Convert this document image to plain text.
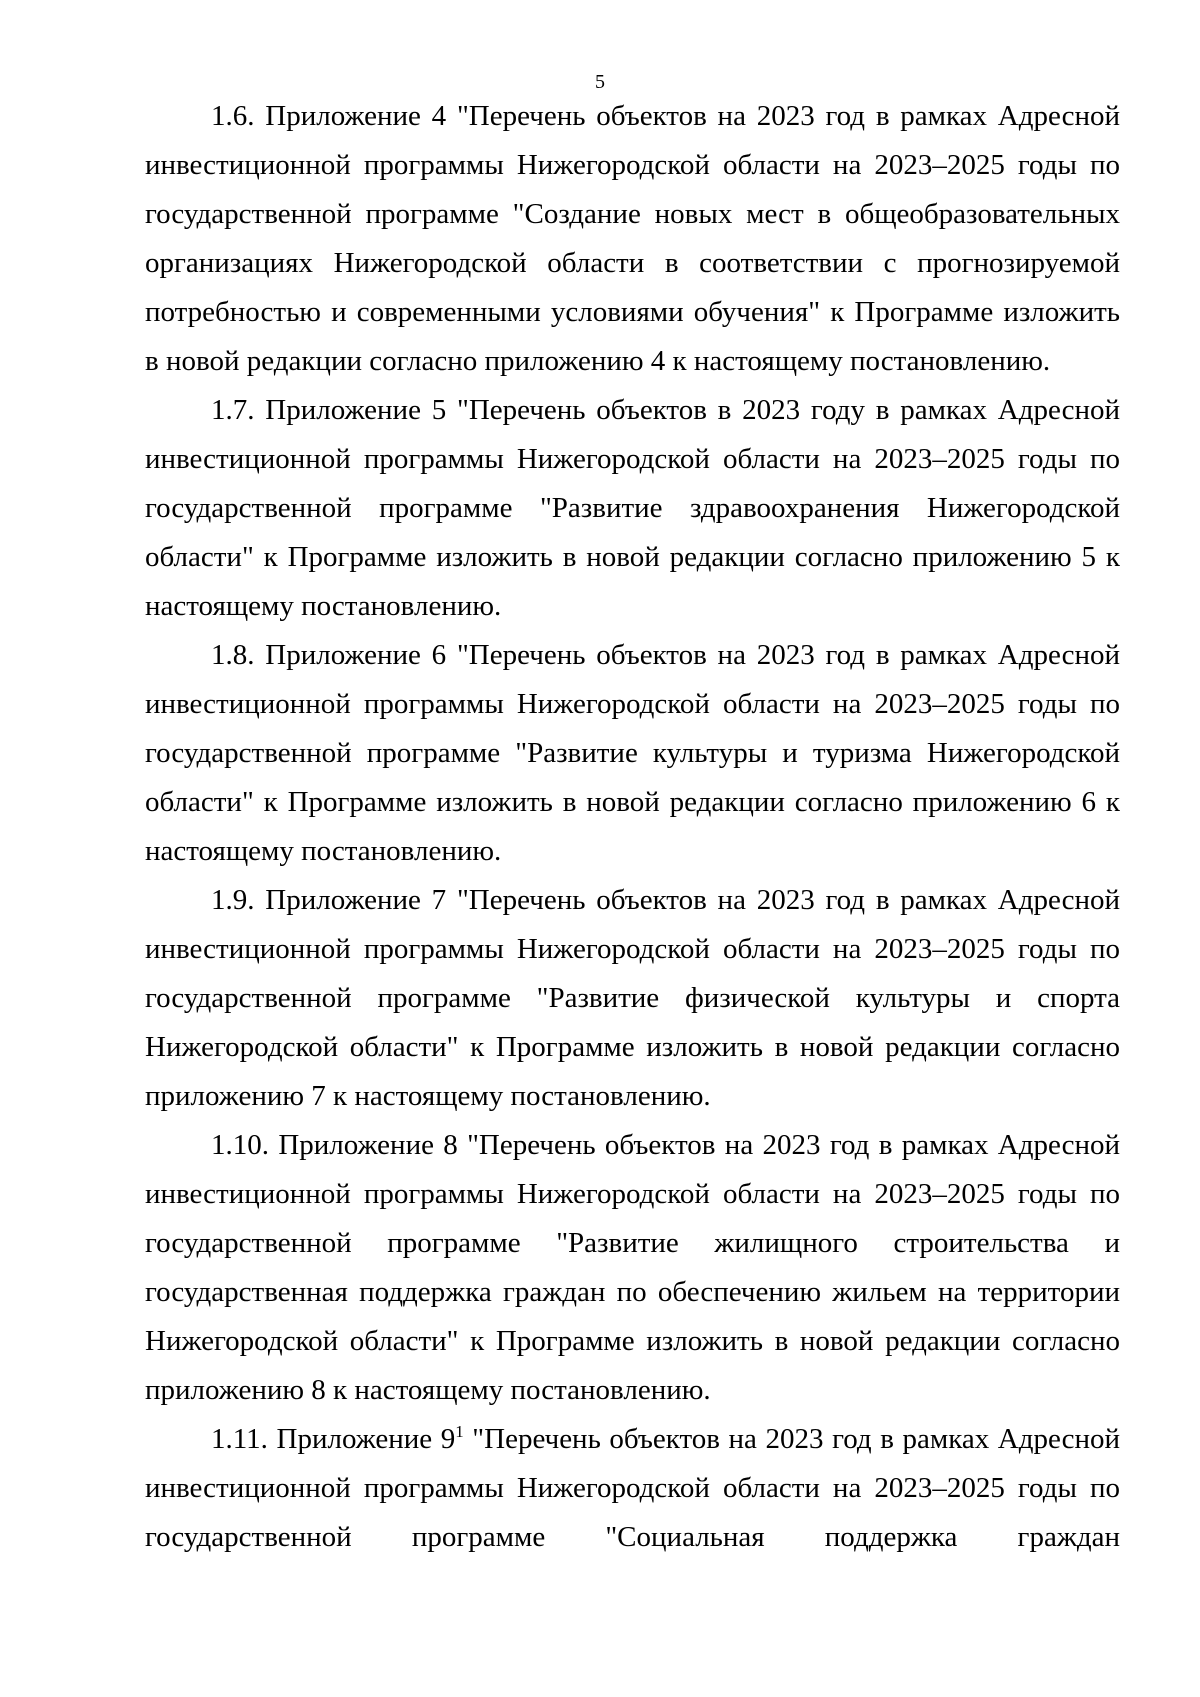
5

1.6. Приложение 4 "Перечень объектов на 2023 год в рамках Адресной инвестиционной программы Нижегородской области на 2023–2025 годы по государственной программе "Создание новых мест в общеобразовательных организациях Нижегородской области в соответствии с прогнозируемой потребностью и современными условиями обучения" к Программе изложить в новой редакции согласно приложению 4 к настоящему постановлению.

1.7. Приложение 5 "Перечень объектов в 2023 году в рамках Адресной инвестиционной программы Нижегородской области на 2023–2025 годы по государственной программе "Развитие здравоохранения Нижегородской области" к Программе изложить в новой редакции согласно приложению 5 к настоящему постановлению.

1.8. Приложение 6 "Перечень объектов на 2023 год в рамках Адресной инвестиционной программы Нижегородской области на 2023–2025 годы по государственной программе "Развитие культуры и туризма Нижегородской области" к Программе изложить в новой редакции согласно приложению 6 к настоящему постановлению.

1.9. Приложение 7 "Перечень объектов на 2023 год в рамках Адресной инвестиционной программы Нижегородской области на 2023–2025 годы по государственной программе "Развитие физической культуры и спорта Нижегородской области" к Программе изложить в новой редакции согласно приложению 7 к настоящему постановлению.

1.10. Приложение 8 "Перечень объектов на 2023 год в рамках Адресной инвестиционной программы Нижегородской области на 2023–2025 годы по государственной программе "Развитие жилищного строительства и государственная поддержка граждан по обеспечению жильем на территории Нижегородской области" к Программе изложить в новой редакции согласно приложению 8 к настоящему постановлению.

1.11. Приложение $9^1$ "Перечень объектов на 2023 год в рамках Адресной инвестиционной программы Нижегородской области на 2023–2025 годы по государственной программе "Социальная поддержка граждан
